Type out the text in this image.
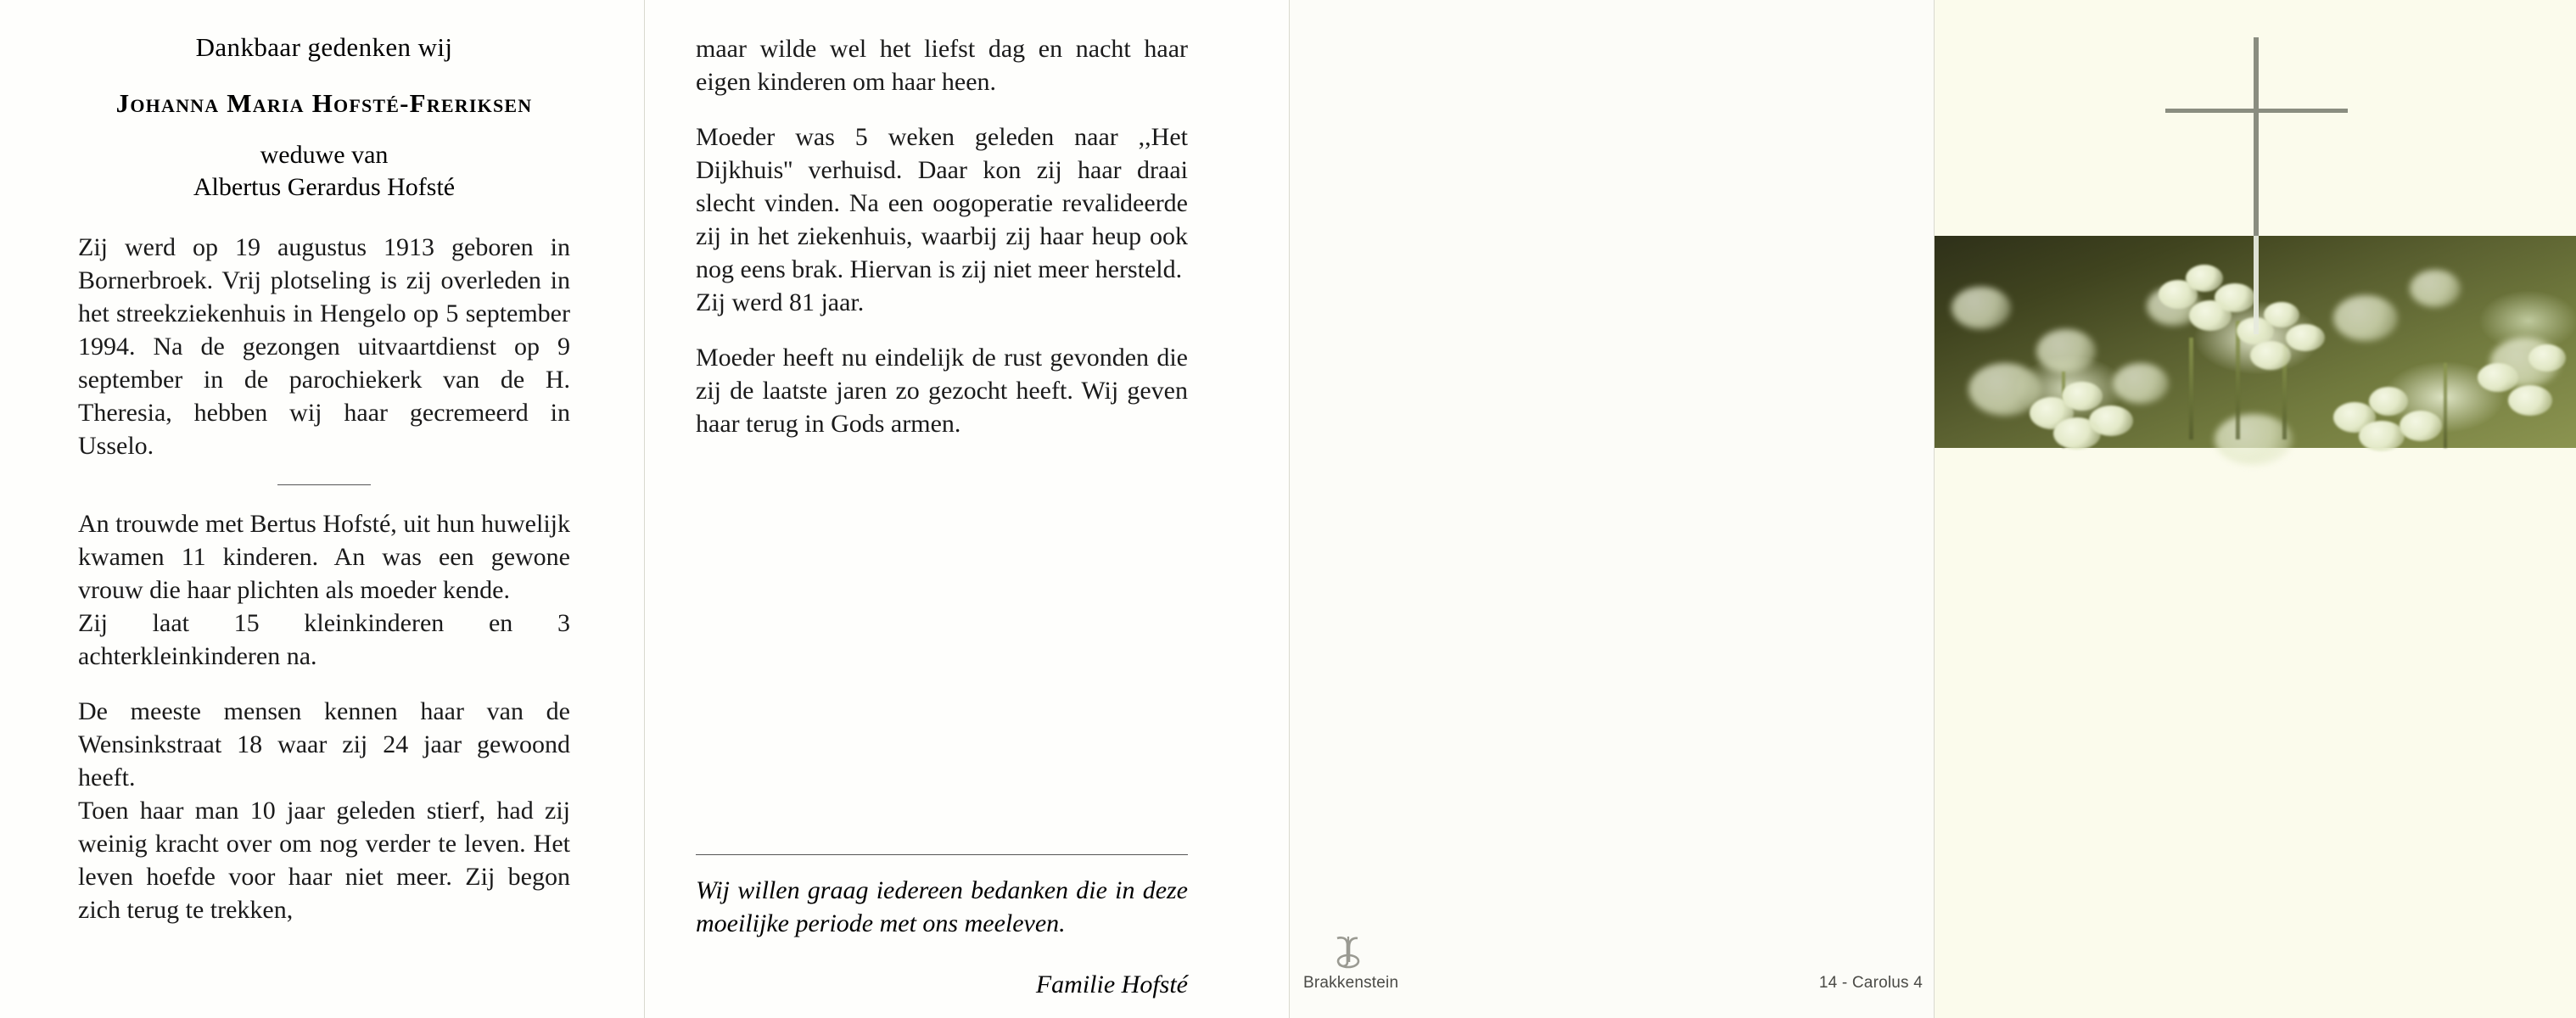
Dankbaar gedenken wij
Johanna Maria Hofsté-Freriksen
weduwe van
Albertus Gerardus Hofsté

Zij werd op 19 augustus 1913 geboren in Bornerbroek. Vrij plotseling is zij overleden in het streekziekenhuis in Hengelo op 5 september 1994. Na de gezongen uitvaartdienst op 9 september in de parochiekerk van de H. Theresia, hebben wij haar gecremeerd in Usselo.

An trouwde met Bertus Hofsté, uit hun huwelijk kwamen 11 kinderen. An was een gewone vrouw die haar plichten als moeder kende.

Zij laat 15 kleinkinderen en 3 achterkleinkinderen na.

De meeste mensen kennen haar van de Wensinkstraat 18 waar zij 24 jaar gewoond heeft.

Toen haar man 10 jaar geleden stierf, had zij weinig kracht over om nog verder te leven. Het leven hoefde voor haar niet meer. Zij begon zich terug te trekken,

maar wilde wel het liefst dag en nacht haar eigen kinderen om haar heen.

Moeder was 5 weken geleden naar ,,Het Dijkhuis'' verhuisd. Daar kon zij haar draai slecht vinden. Na een oogoperatie revalideerde zij in het ziekenhuis, waarbij zij haar heup ook nog eens brak. Hiervan is zij niet meer hersteld.

Zij werd 81 jaar.

Moeder heeft nu eindelijk de rust gevonden die zij de laatste jaren zo gezocht heeft. Wij geven haar terug in Gods armen.

Wij willen graag iedereen bedanken die in deze moeilijke periode met ons meeleven.

Familie Hofsté	Brakkenstein	14 - Carolus 4
